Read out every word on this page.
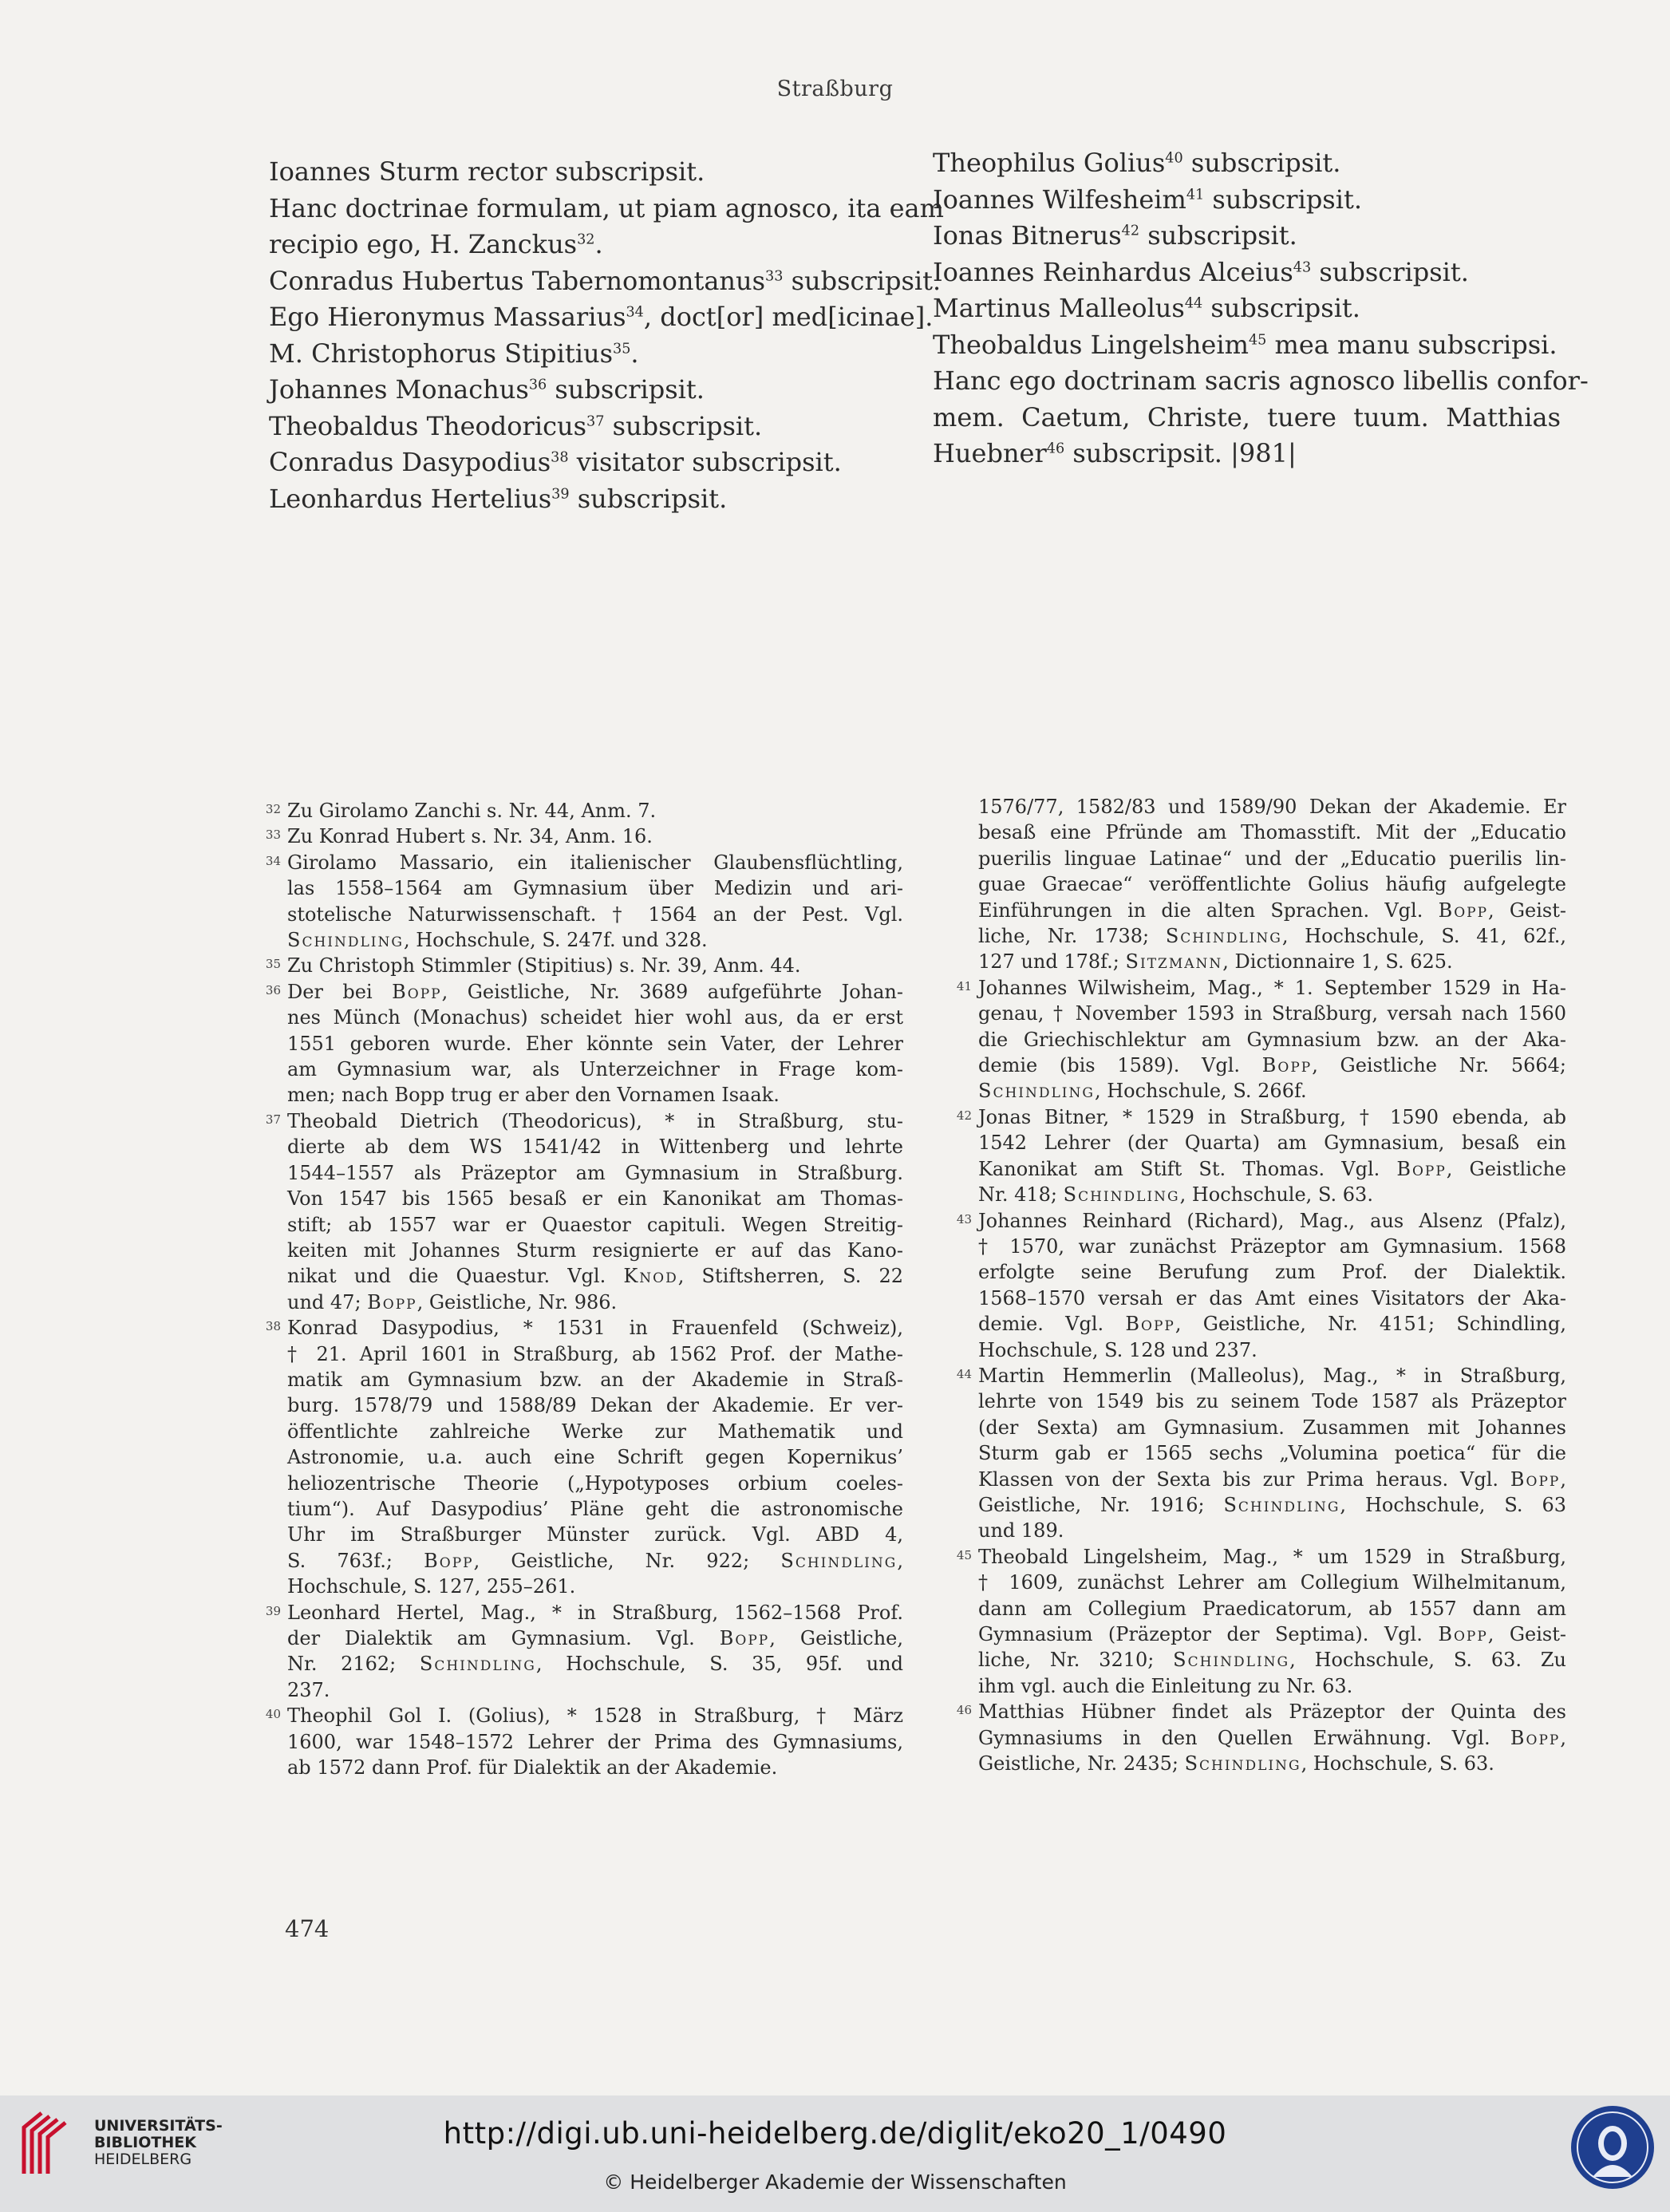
Straßburg
Ioannes Sturm rector subscripsit.
Hanc doctrinae formulam, ut piam agnosco, ita eam
recipio ego, H. Zanckus$^{32}$.
Conradus Hubertus Tabernomontanus$^{33}$ subscripsit.
Ego Hieronymus Massarius$^{34}$, doct[or] med[icinae].
M. Christophorus Stipitius$^{35}$.
Johannes Monachus$^{36}$ subscripsit.
Theobaldus Theodoricus$^{37}$ subscripsit.
Conradus Dasypodius$^{38}$ visitator subscripsit.
Leonhardus Hertelius$^{39}$ subscripsit.
Theophilus Golius$^{40}$ subscripsit.
Ioannes Wilfesheim$^{41}$ subscripsit.
Ionas Bitnerus$^{42}$ subscripsit.
Ioannes Reinhardus Alceius$^{43}$ subscripsit.
Martinus Malleolus$^{44}$ subscripsit.
Theobaldus Lingelsheim$^{45}$ mea manu subscripsi.
Hanc ego doctrinam sacris agnosco libellis confor-
mem. Caetum, Christe, tuere tuum. Matthias
Huebner$^{46}$ subscripsit. |981|
32 Zu Girolamo Zanchi s. Nr. 44, Anm. 7.
33 Zu Konrad Hubert s. Nr. 34, Anm. 16.
34 Girolamo Massario, ein italienischer Glaubensflüchtling,
las 1558–1564 am Gymnasium über Medizin und ari-
stotelische Naturwissenschaft. † 1564 an der Pest. Vgl.
Schindling, Hochschule, S. 247f. und 328.
35 Zu Christoph Stimmler (Stipitius) s. Nr. 39, Anm. 44.
36 Der bei Bopp, Geistliche, Nr. 3689 aufgeführte Johan-
nes Münch (Monachus) scheidet hier wohl aus, da er erst
1551 geboren wurde. Eher könnte sein Vater, der Lehrer
am Gymnasium war, als Unterzeichner in Frage kom-
men; nach Bopp trug er aber den Vornamen Isaak.
37 Theobald Dietrich (Theodoricus), * in Straßburg, stu-
dierte ab dem WS 1541/42 in Wittenberg und lehrte
1544–1557 als Präzeptor am Gymnasium in Straßburg.
Von 1547 bis 1565 besaß er ein Kanonikat am Thomas-
stift; ab 1557 war er Quaestor capituli. Wegen Streitig-
keiten mit Johannes Sturm resignierte er auf das Kano-
nikat und die Quaestur. Vgl. Knod, Stiftsherren, S. 22
und 47; Bopp, Geistliche, Nr. 986.
38 Konrad Dasypodius, * 1531 in Frauenfeld (Schweiz),
† 21. April 1601 in Straßburg, ab 1562 Prof. der Mathe-
matik am Gymnasium bzw. an der Akademie in Straß-
burg. 1578/79 und 1588/89 Dekan der Akademie. Er ver-
öffentlichte zahlreiche Werke zur Mathematik und
Astronomie, u.a. auch eine Schrift gegen Kopernikus’
heliozentrische Theorie („Hypotyposes orbium coeles-
tium“). Auf Dasypodius’ Pläne geht die astronomische
Uhr im Straßburger Münster zurück. Vgl. ABD 4,
S. 763f.; Bopp, Geistliche, Nr. 922; Schindling,
Hochschule, S. 127, 255–261.
39 Leonhard Hertel, Mag., * in Straßburg, 1562–1568 Prof.
der Dialektik am Gymnasium. Vgl. Bopp, Geistliche,
Nr. 2162; Schindling, Hochschule, S. 35, 95f. und
237.
40 Theophil Gol I. (Golius), * 1528 in Straßburg, † März
1600, war 1548–1572 Lehrer der Prima des Gymnasiums,
ab 1572 dann Prof. für Dialektik an der Akademie.
1576/77, 1582/83 und 1589/90 Dekan der Akademie. Er
besaß eine Pfründe am Thomasstift. Mit der „Educatio
puerilis linguae Latinae“ und der „Educatio puerilis lin-
guae Graecae“ veröffentlichte Golius häufig aufgelegte
Einführungen in die alten Sprachen. Vgl. Bopp, Geist-
liche, Nr. 1738; Schindling, Hochschule, S. 41, 62f.,
127 und 178f.; Sitzmann, Dictionnaire 1, S. 625.
41 Johannes Wilwisheim, Mag., * 1. September 1529 in Ha-
genau, † November 1593 in Straßburg, versah nach 1560
die Griechischlektur am Gymnasium bzw. an der Aka-
demie (bis 1589). Vgl. Bopp, Geistliche Nr. 5664;
Schindling, Hochschule, S. 266f.
42 Jonas Bitner, * 1529 in Straßburg, † 1590 ebenda, ab
1542 Lehrer (der Quarta) am Gymnasium, besaß ein
Kanonikat am Stift St. Thomas. Vgl. Bopp, Geistliche
Nr. 418; Schindling, Hochschule, S. 63.
43 Johannes Reinhard (Richard), Mag., aus Alsenz (Pfalz),
† 1570, war zunächst Präzeptor am Gymnasium. 1568
erfolgte seine Berufung zum Prof. der Dialektik.
1568–1570 versah er das Amt eines Visitators der Aka-
demie. Vgl. Bopp, Geistliche, Nr. 4151; Schindling,
Hochschule, S. 128 und 237.
44 Martin Hemmerlin (Malleolus), Mag., * in Straßburg,
lehrte von 1549 bis zu seinem Tode 1587 als Präzeptor
(der Sexta) am Gymnasium. Zusammen mit Johannes
Sturm gab er 1565 sechs „Volumina poetica“ für die
Klassen von der Sexta bis zur Prima heraus. Vgl. Bopp,
Geistliche, Nr. 1916; Schindling, Hochschule, S. 63
und 189.
45 Theobald Lingelsheim, Mag., * um 1529 in Straßburg,
† 1609, zunächst Lehrer am Collegium Wilhelmitanum,
dann am Collegium Praedicatorum, ab 1557 dann am
Gymnasium (Präzeptor der Septima). Vgl. Bopp, Geist-
liche, Nr. 3210; Schindling, Hochschule, S. 63. Zu
ihm vgl. auch die Einleitung zu Nr. 63.
46 Matthias Hübner findet als Präzeptor der Quinta des
Gymnasiums in den Quellen Erwähnung. Vgl. Bopp,
Geistliche, Nr. 2435; Schindling, Hochschule, S. 63.
474
UNIVERSITÄTS-
BIBLIOTHEK
HEIDELBERG
http://digi.ub.uni-heidelberg.de/diglit/eko20_1/0490
© Heidelberger Akademie der Wissenschaften
